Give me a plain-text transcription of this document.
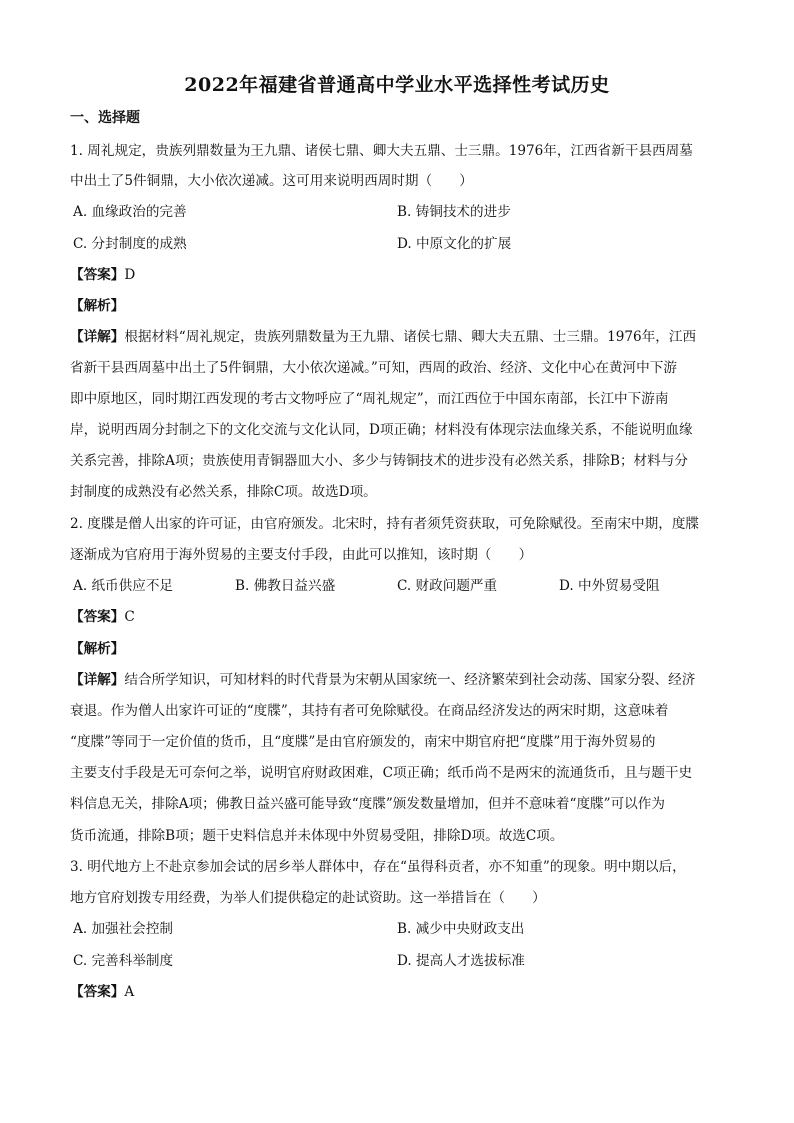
2022年福建省普通高中学业水平选择性考试历史
一、选择题
1. 周礼规定，贵族列鼎数量为王九鼎、诸侯七鼎、卿大夫五鼎、士三鼎。1976年，江西省新干县西周墓
中出土了5件铜鼎，大小依次递减。这可用来说明西周时期（　　）
A. 血缘政治的完善	B. 铸铜技术的进步
C. 分封制度的成熟	D. 中原文化的扩展
【答案】D
【解析】
【详解】根据材料“周礼规定，贵族列鼎数量为王九鼎、诸侯七鼎、卿大夫五鼎、士三鼎。1976年，江西
省新干县西周墓中出土了5件铜鼎，大小依次递减。”可知，西周的政治、经济、文化中心在黄河中下游
即中原地区，同时期江西发现的考古文物呼应了“周礼规定”，而江西位于中国东南部，长江中下游南
岸，说明西周分封制之下的文化交流与文化认同，D项正确；材料没有体现宗法血缘关系，不能说明血缘
关系完善，排除A项；贵族使用青铜器皿大小、多少与铸铜技术的进步没有必然关系，排除B；材料与分
封制度的成熟没有必然关系，排除C项。故选D项。
2. 度牒是僧人出家的许可证，由官府颁发。北宋时，持有者须凭资获取，可免除赋役。至南宋中期，度牒
逐渐成为官府用于海外贸易的主要支付手段，由此可以推知，该时期（　　）
A. 纸币供应不足	B. 佛教日益兴盛	C. 财政问题严重	D. 中外贸易受阻
【答案】C
【解析】
【详解】结合所学知识，可知材料的时代背景为宋朝从国家统一、经济繁荣到社会动荡、国家分裂、经济
衰退。作为僧人出家许可证的“度牒”，其持有者可免除赋役。在商品经济发达的两宋时期，这意味着
“度牒”等同于一定价值的货币，且“度牒”是由官府颁发的，南宋中期官府把“度牒”用于海外贸易的
主要支付手段是无可奈何之举，说明官府财政困难，C项正确；纸币尚不是两宋的流通货币，且与题干史
料信息无关，排除A项；佛教日益兴盛可能导致“度牒”颁发数量增加，但并不意味着“度牒”可以作为
货币流通，排除B项；题干史料信息并未体现中外贸易受阻，排除D项。故选C项。
3. 明代地方上不赴京参加会试的居乡举人群体中，存在“虽得科贡者，亦不知重”的现象。明中期以后，
地方官府划拨专用经费，为举人们提供稳定的赴试资助。这一举措旨在（　　）
A. 加强社会控制	B. 减少中央财政支出
C. 完善科举制度	D. 提高人才选拔标准
【答案】A
